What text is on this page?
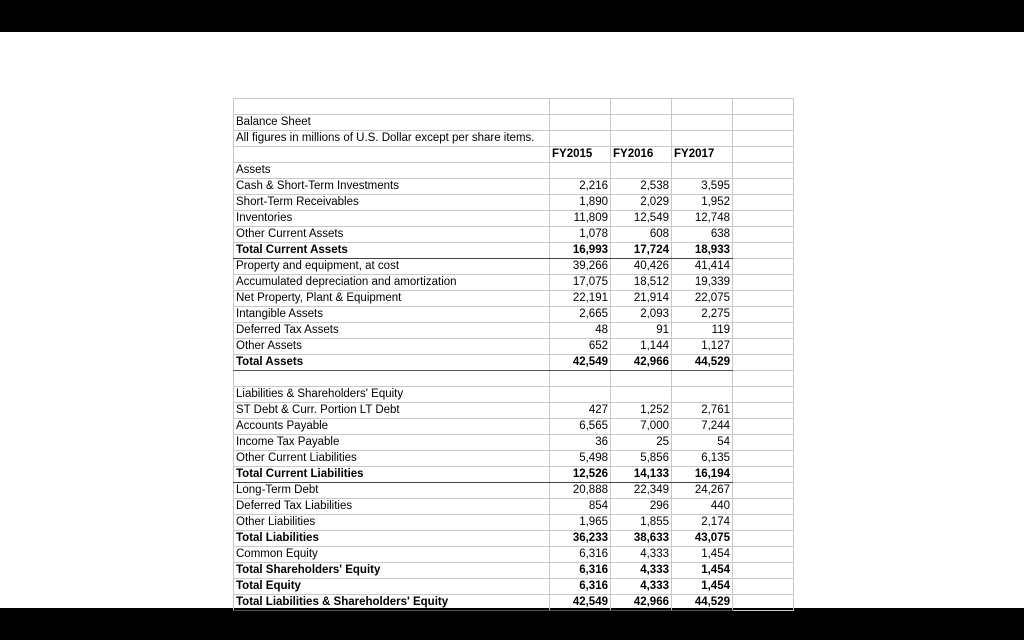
Balance Sheet				
All figures in millions of U.S. Dollar except per share items.				
	FY2015	FY2016	FY2017	
Assets				
Cash & Short-Term Investments	2,216	2,538	3,595	
Short-Term Receivables	1,890	2,029	1,952	
Inventories	11,809	12,549	12,748	
Other Current Assets	1,078	608	638	
Total Current Assets	16,993	17,724	18,933	
Property and equipment, at cost	39,266	40,426	41,414	
Accumulated depreciation and amortization	17,075	18,512	19,339	
Net Property, Plant & Equipment	22,191	21,914	22,075	
Intangible Assets	2,665	2,093	2,275	
Deferred Tax Assets	48	91	119	
Other Assets	652	1,144	1,127	
Total Assets	42,549	42,966	44,529	

Liabilities & Shareholders' Equity				
ST Debt & Curr. Portion LT Debt	427	1,252	2,761	
Accounts Payable	6,565	7,000	7,244	
Income Tax Payable	36	25	54	
Other Current Liabilities	5,498	5,856	6,135	
Total Current Liabilities	12,526	14,133	16,194	
Long-Term Debt	20,888	22,349	24,267	
Deferred Tax Liabilities	854	296	440	
Other Liabilities	1,965	1,855	2,174	
Total Liabilities	36,233	38,633	43,075	
Common Equity	6,316	4,333	1,454	
Total Shareholders' Equity	6,316	4,333	1,454	
Total Equity	6,316	4,333	1,454	
Total Liabilities & Shareholders' Equity	42,549	42,966	44,529	
